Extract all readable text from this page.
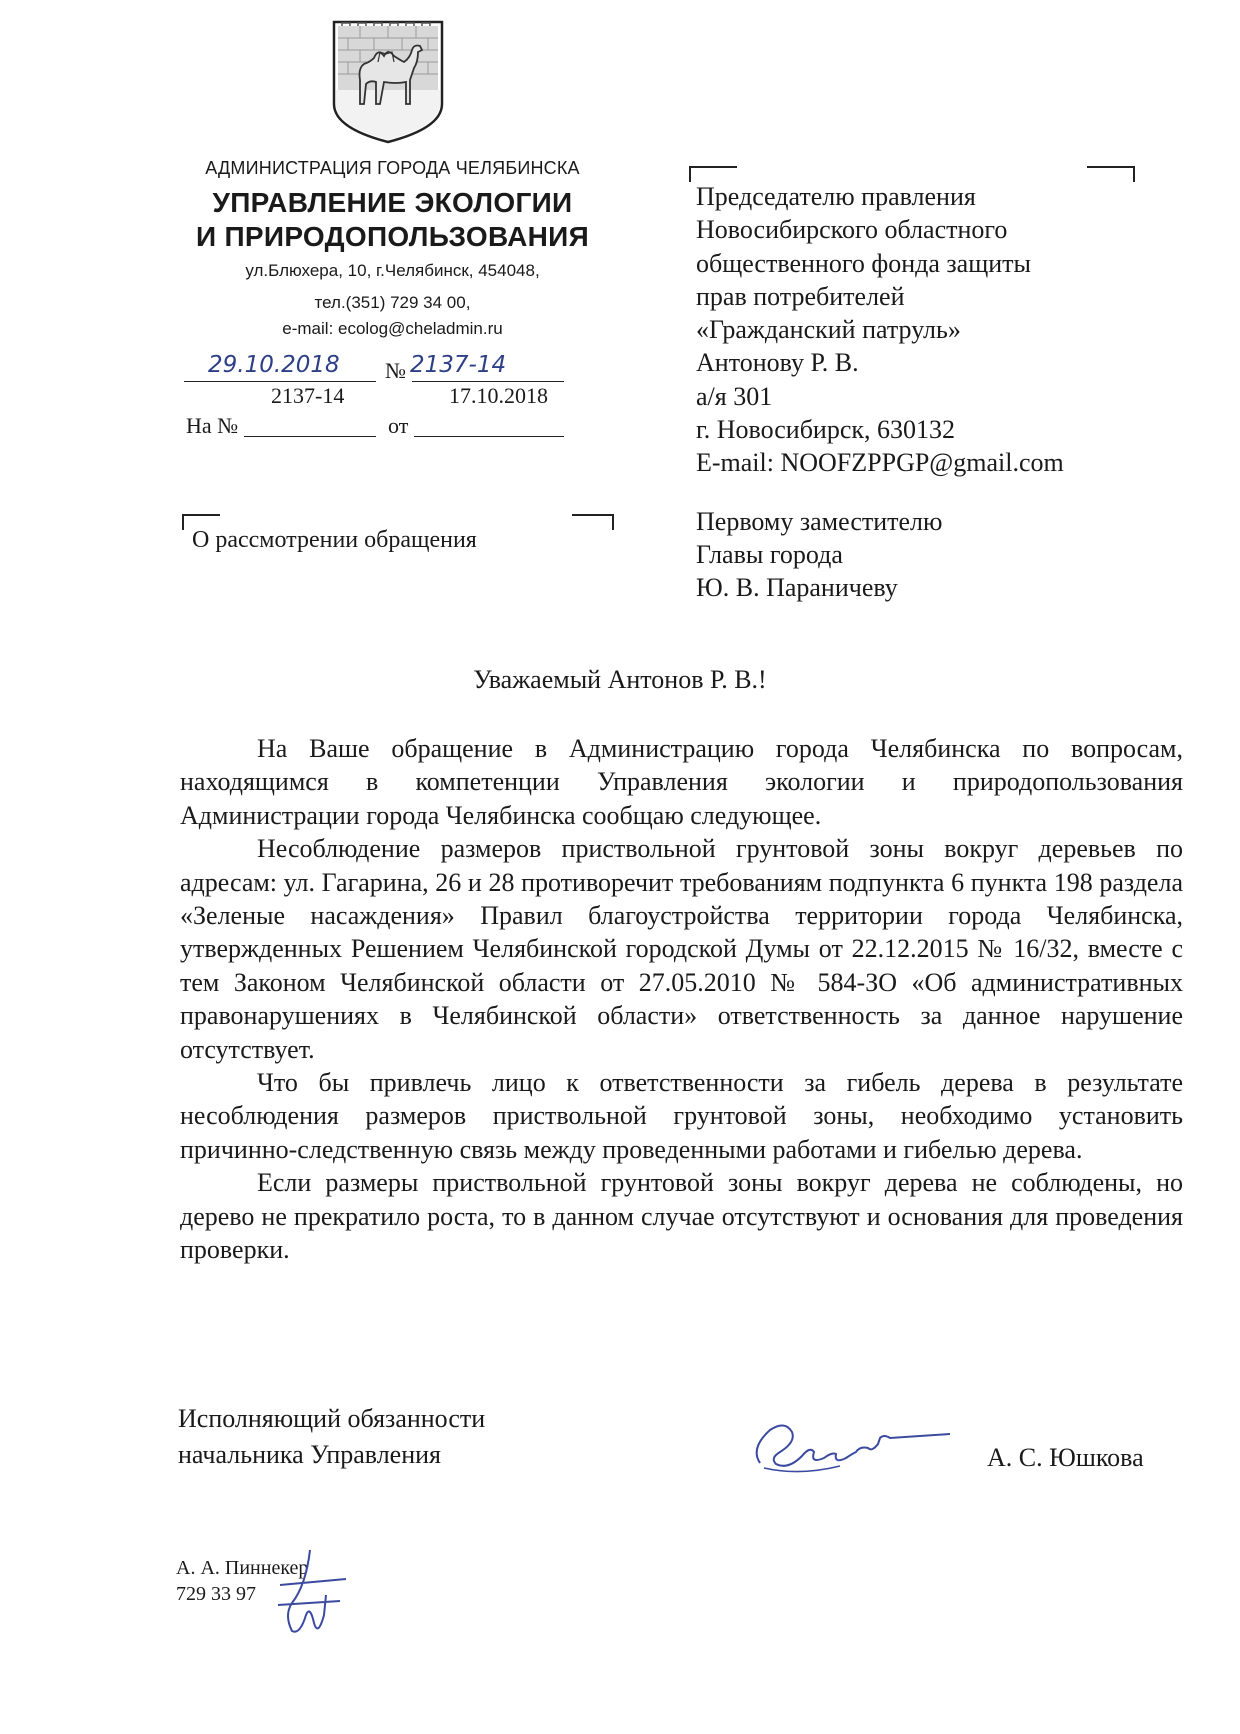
АДМИНИСТРАЦИЯ ГОРОДА ЧЕЛЯБИНСКА

УПРАВЛЕНИЕ ЭКОЛОГИИ

И ПРИРОДОПОЛЬЗОВАНИЯ

ул.Блюхера, 10, г.Челябинск, 454048,

тел.(351) 729 34 00,

e-mail: ecolog@cheladmin.ru

29.10.2018 № 2137-14
2137-14	17.10.2018
На №	от
О рассмотрении обращения

Председателю правления

Новосибирского областного

общественного фонда защиты

прав потребителей

«Гражданский патруль»

Антонову Р. В.

а/я 301

г. Новосибирск, 630132

E-mail: NOOFZPPGP@gmail.com

Первому заместителю

Главы города

Ю. В. Параничеву

Уважаемый Антонов Р. В.!

На Ваше обращение в Администрацию города Челябинска по вопросам, находящимся в компетенции Управления экологии и природопользования Администрации города Челябинска сообщаю следующее.

Несоблюдение размеров приствольной грунтовой зоны вокруг деревьев по адресам: ул. Гагарина, 26 и 28 противоречит требованиям подпункта 6 пункта 198 раздела «Зеленые насаждения» Правил благоустройства территории города Челябинска, утвержденных Решением Челябинской городской Думы от 22.12.2015 № 16/32, вместе с тем Законом Челябинской области от 27.05.2010 № 584-ЗО «Об административных правонарушениях в Челябинской области» ответственность за данное нарушение отсутствует.

Что бы привлечь лицо к ответственности за гибель дерева в результате несоблюдения размеров приствольной грунтовой зоны, необходимо установить причинно-следственную связь между проведенными работами и гибелью дерева.

Если размеры приствольной грунтовой зоны вокруг дерева не соблюдены, но дерево не прекратило роста, то в данном случае отсутствуют и основания для проведения проверки.

Исполняющий обязанности

начальника Управления	А. С. Юшкова

А. А. Пиннекер

729 33 97
